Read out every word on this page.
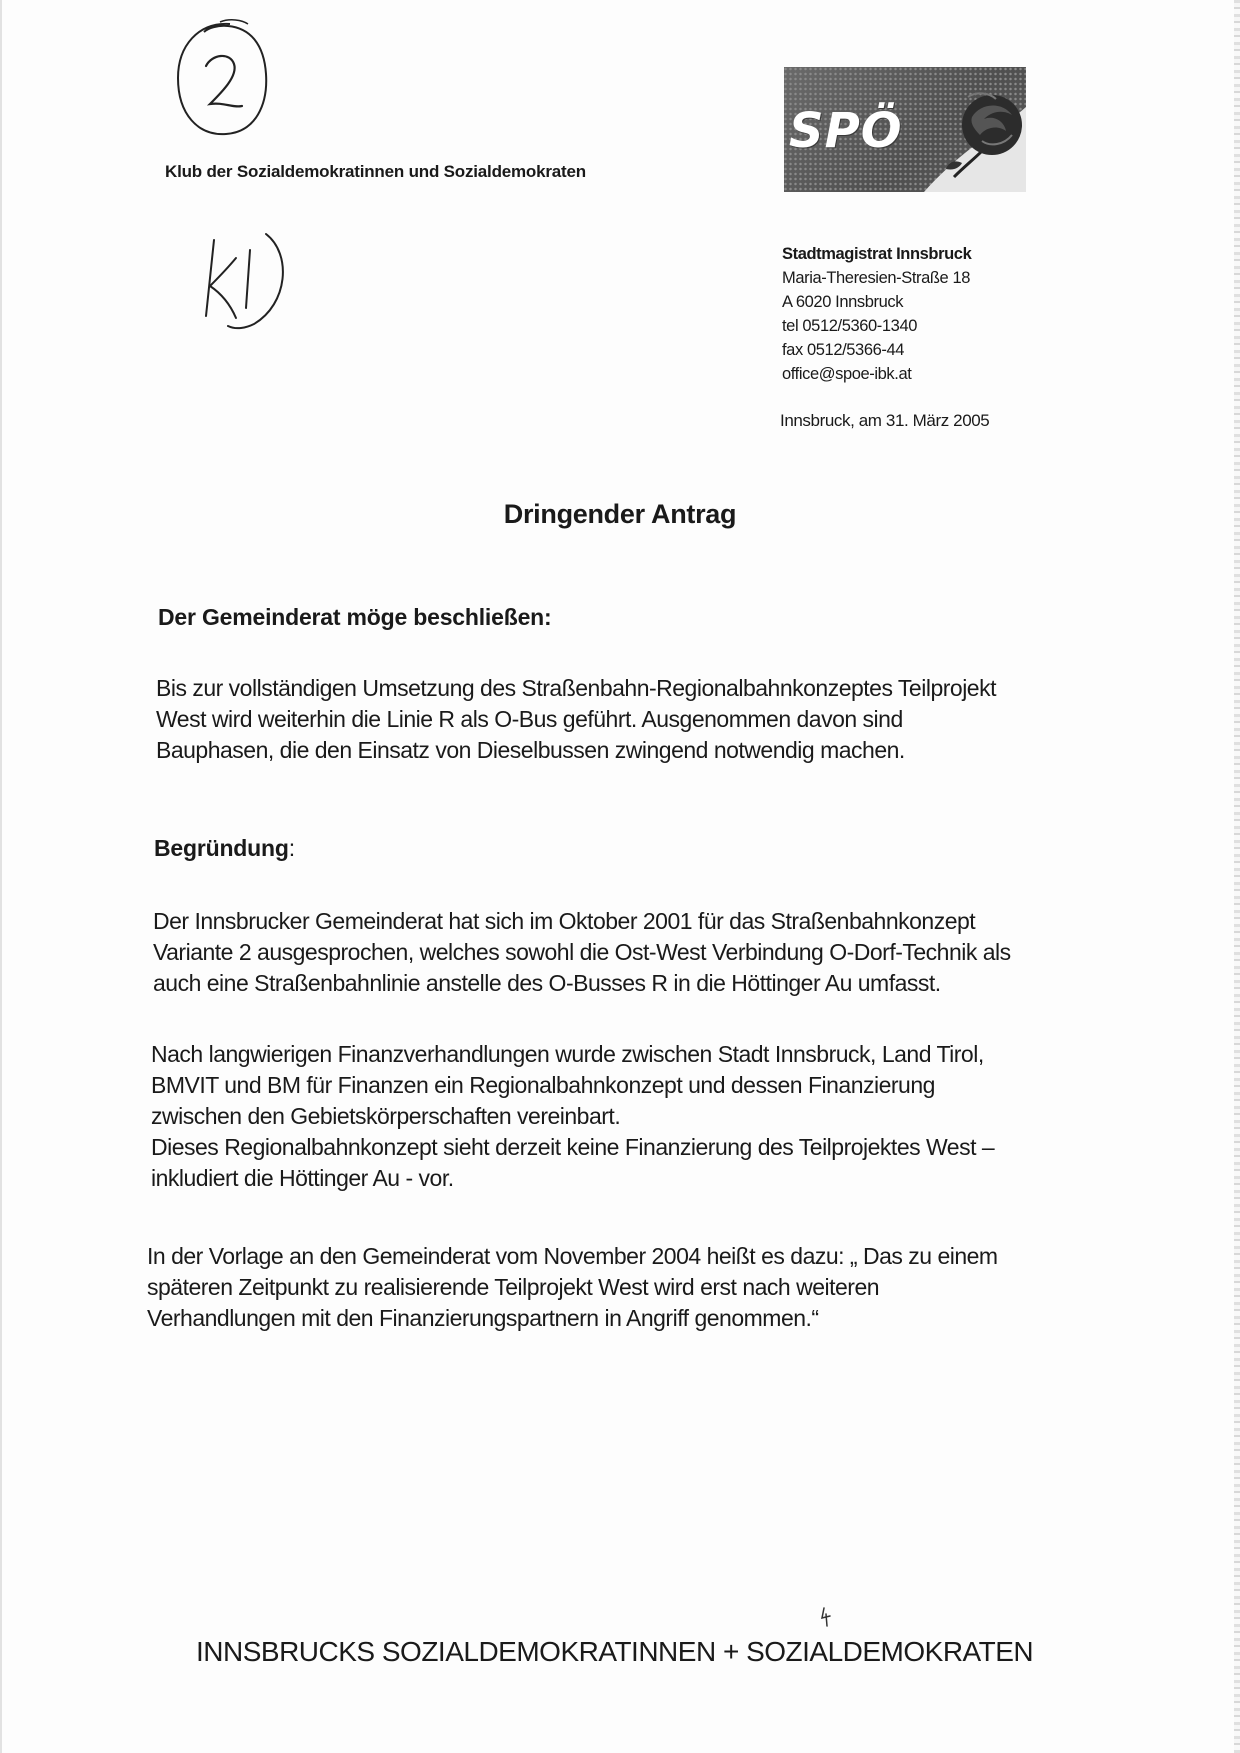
Klub der Sozialdemokratinnen und Sozialdemokraten
SPÖ
Stadtmagistrat Innsbruck
Maria-Theresien-Straße 18
A 6020 Innsbruck
tel 0512/5360-1340
fax 0512/5366-44
office@spoe-ibk.at
Innsbruck, am 31. März 2005
Dringender Antrag
Der Gemeinderat möge beschließen:
Bis zur vollständigen Umsetzung des Straßenbahn-Regionalbahnkonzeptes Teilprojekt
West wird weiterhin die Linie R als O-Bus geführt. Ausgenommen davon sind
Bauphasen, die den Einsatz von Dieselbussen zwingend notwendig machen.
Begründung:
Der Innsbrucker Gemeinderat hat sich im Oktober 2001 für das Straßenbahnkonzept
Variante 2 ausgesprochen, welches sowohl die Ost-West Verbindung O-Dorf-Technik als
auch eine Straßenbahnlinie anstelle des O-Busses R in die Höttinger Au umfasst.
Nach langwierigen Finanzverhandlungen wurde zwischen Stadt Innsbruck, Land Tirol,
BMVIT und BM für Finanzen ein Regionalbahnkonzept und dessen Finanzierung
zwischen den Gebietskörperschaften vereinbart.
Dieses Regionalbahnkonzept sieht derzeit keine Finanzierung des Teilprojektes West –
inkludiert die Höttinger Au - vor.
In der Vorlage an den Gemeinderat vom November 2004 heißt es dazu: „ Das zu einem
späteren Zeitpunkt zu realisierende Teilprojekt West wird erst nach weiteren
Verhandlungen mit den Finanzierungspartnern in Angriff genommen.“
INNSBRUCKS SOZIALDEMOKRATINNEN + SOZIALDEMOKRATEN
